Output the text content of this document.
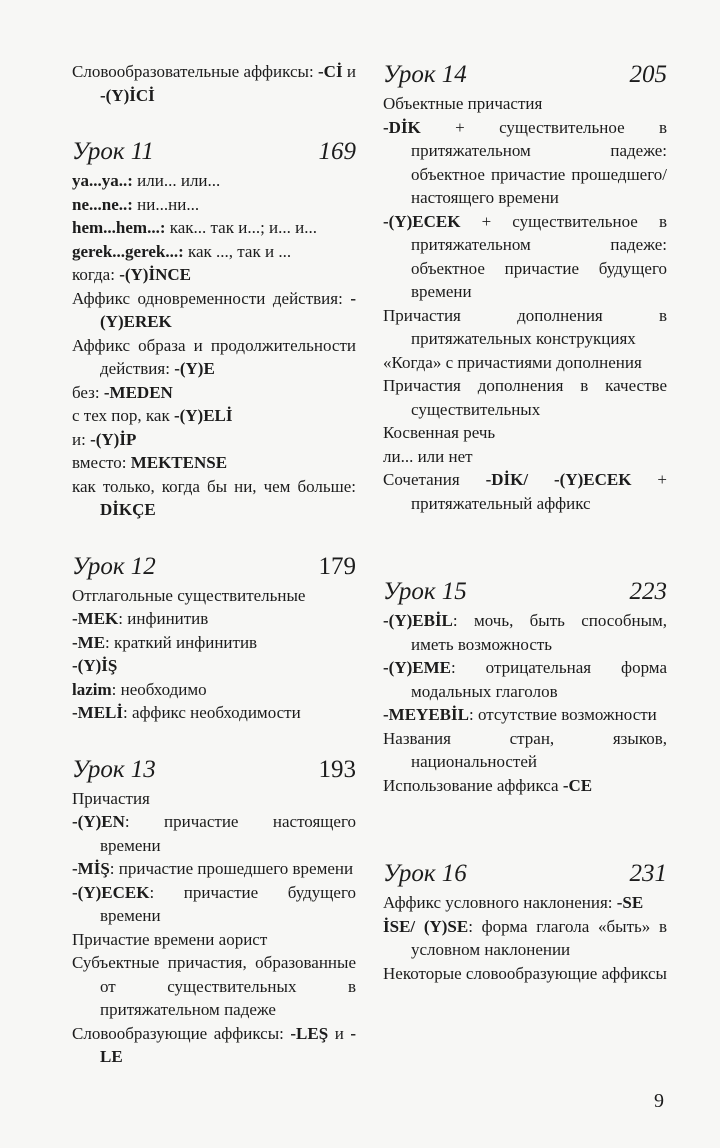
Словообразовательные аффиксы: -Cİ и -(Y)İCİ

Урок 11	169

ya...ya..: или... или...

ne...ne..: ни...ни...

hem...hem...: как... так и...; и... и...

gerek...gerek...: как ..., так и ...

когда: -(Y)İNCE

Аффикс одновременности действия: -(Y)EREK

Аффикс образа и продолжительности действия: -(Y)E

без: -MEDEN

с тех пор, как -(Y)ELİ

и: -(Y)İP

вместо: MEKTENSE

как только, когда бы ни, чем больше: DİKÇE

Урок 12	179

Отглагольные существительные

-MEK: инфинитив

-ME: краткий инфинитив

-(Y)İŞ

lazim: необходимо

-MELİ: аффикс необходимости

Урок 13	193

Причастия

-(Y)EN: причастие настоящего времени

-MİŞ: причастие прошедшего времени

-(Y)ECEK: причастие будущего времени

Причастие времени аорист

Субъектные причастия, образованные от существительных в притяжательном падеже

Словообразующие аффиксы: -LEŞ и -LE

Урок 14	205

Объектные причастия

-DİK + существительное в притяжательном падеже: объектное причастие прошедшего/ настоящего времени

-(Y)ECEK + существительное в притяжательном падеже: объектное причастие будущего времени

Причастия дополнения в притяжательных конструкциях

«Когда» с причастиями дополнения

Причастия дополнения в качестве существительных

Косвенная речь

ли... или нет

Сочетания -DİK/ -(Y)ECEK + притяжательный аффикс

Урок 15	223

-(Y)EBİL: мочь, быть способным, иметь возможность

-(Y)EME: отрицательная форма модальных глаголов

-MEYEBİL: отсутствие возможности

Названия стран, языков, национальностей

Использование аффикса -CE

Урок 16	231

Аффикс условного наклонения: -SE

İSE/ (Y)SE: форма глагола «быть» в условном наклонении

Некоторые словообразующие аффиксы

9
